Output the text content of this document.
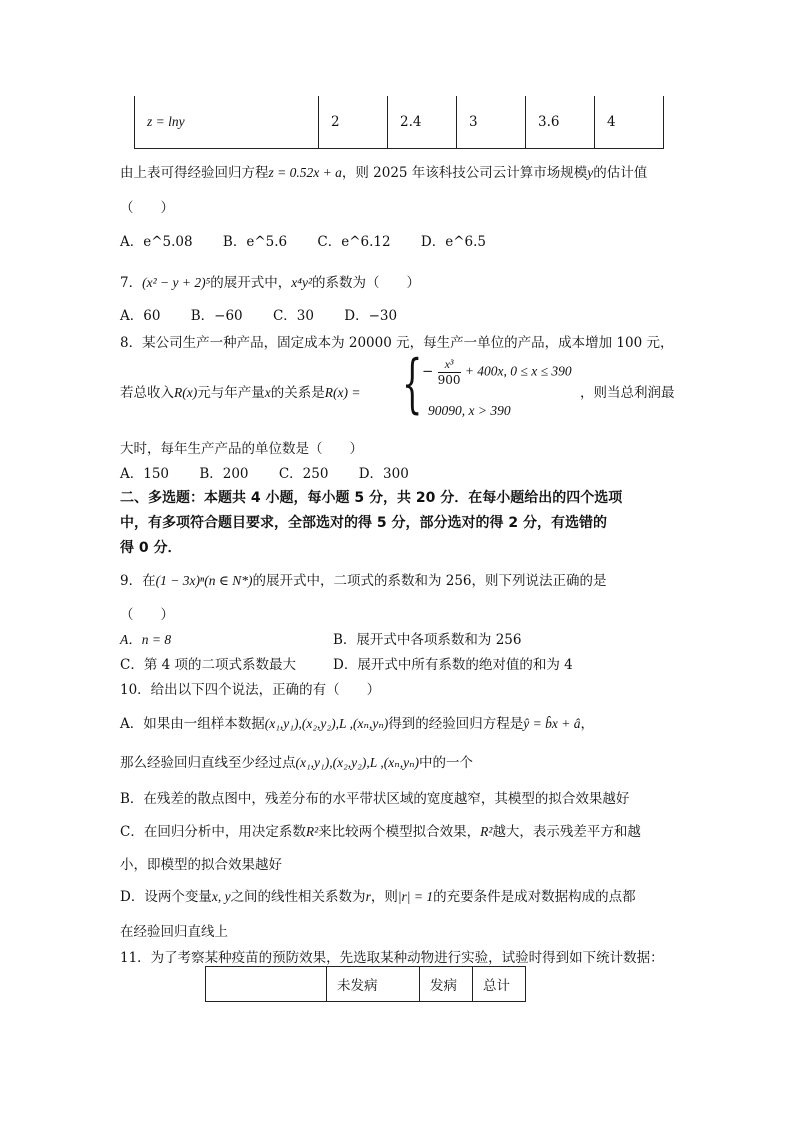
z = lny	2	2.4	3	3.6	4
由上表可得经验回归方程z = 0.52x + a，则 2025 年该科技公司云计算市场规模y的估计值
（　　）
A．e^5.08 B．e^5.6 C．e^6.12 D．e^6.5
7．(x² − y + 2)⁵的展开式中，x⁴y²的系数为（　　）
A．60 B．−60 C．30 D．−30
8．某公司生产一种产品，固定成本为 20000 元，每生产一单位的产品，成本增加 100 元，
若总收入R(x)元与年产量x的关系是R(x) = { − $\frac{\text{x³}}{900} + 400x$, 0 ≤ x ≤ 390
90090, x > 390
，则当总利润最
大时，每年生产产品的单位数是（　　）
A．150 B．200 C．250 D．300
二、多选题：本题共 4 小题，每小题 5 分，共 20 分．在每小题给出的四个选项
中，有多项符合题目要求，全部选对的得 5 分，部分选对的得 2 分，有选错的
得 0 分．
9．在(1 − 3x)ⁿ(n ∈ N*)的展开式中，二项式的系数和为 256，则下列说法正确的是
（　　）
A．n = 8	B．展开式中各项系数和为 256
C．第 4 项的二项式系数最大	D．展开式中所有系数的绝对值的和为 4
10．给出以下四个说法，正确的有（　　）
A．如果由一组样本数据(x₁,y₁),(x₂,y₂),L ,(xₙ,yₙ)得到的经验回归方程是ŷ = b̂x + â，
那么经验回归直线至少经过点(x₁,y₁),(x₂,y₂),L ,(xₙ,yₙ)中的一个
B．在残差的散点图中，残差分布的水平带状区域的宽度越窄，其模型的拟合效果越好
C．在回归分析中，用决定系数R²来比较两个模型拟合效果，R²越大，表示残差平方和越
小，即模型的拟合效果越好
D．设两个变量x, y之间的线性相关系数为r，则|r| = 1的充要条件是成对数据构成的点都
在经验回归直线上
11．为了考察某种疫苗的预防效果，先选取某种动物进行实验，试验时得到如下统计数据：
	未发病	发病	总计
